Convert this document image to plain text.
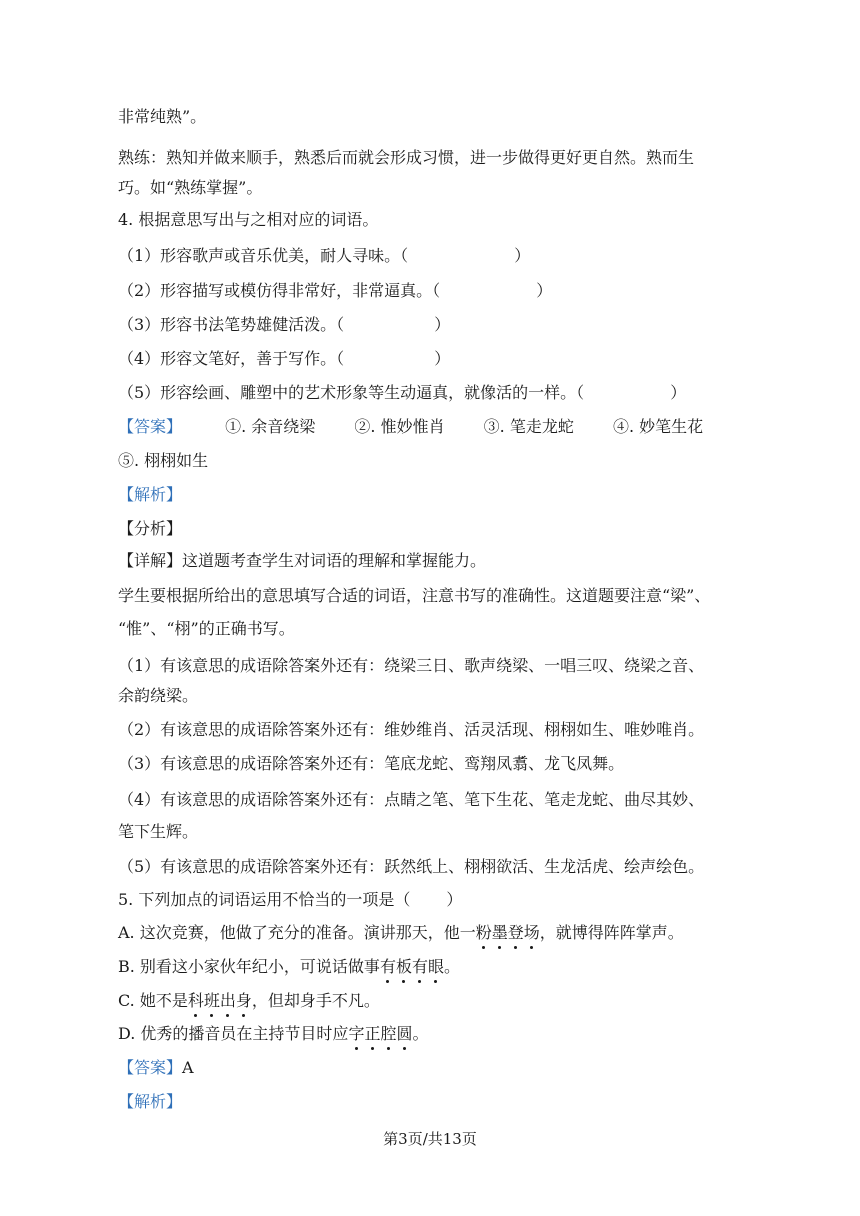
非常纯熟”。
熟练：熟知并做来顺手，熟悉后而就会形成习惯，进一步做得更好更自然。熟而生
巧。如“熟练掌握”。
4. 根据意思写出与之相对应的词语。
（1）形容歌声或音乐优美，耐人寻味。（	）
（2）形容描写或模仿得非常好，非常逼真。（	）
（3）形容书法笔势雄健活泼。（	）
（4）形容文笔好，善于写作。（	）
（5）形容绘画、雕塑中的艺术形象等生动逼真，就像活的一样。（	）
【答案】	①. 余音绕梁 ②. 惟妙惟肖 ③. 笔走龙蛇 ④. 妙笔生花
⑤. 栩栩如生
【解析】
【分析】
【详解】这道题考查学生对词语的理解和掌握能力。
学生要根据所给出的意思填写合适的词语，注意书写的准确性。这道题要注意“梁”、
“惟”、“栩”的正确书写。
（1）有该意思的成语除答案外还有：绕梁三日、歌声绕梁、一唱三叹、绕梁之音、
余韵绕梁。
（2）有该意思的成语除答案外还有：维妙维肖、活灵活现、栩栩如生、唯妙唯肖。
（3）有该意思的成语除答案外还有：笔底龙蛇、鸾翔凤翥、龙飞凤舞。
（4）有该意思的成语除答案外还有：点睛之笔、笔下生花、笔走龙蛇、曲尽其妙、
笔下生辉。
（5）有该意思的成语除答案外还有：跃然纸上、栩栩欲活、生龙活虎、绘声绘色。
5. 下列加点的词语运用不恰当的一项是（ ）
A. 这次竞赛，他做了充分的准备。演讲那天，他一粉墨登场，就博得阵阵掌声。
B. 别看这小家伙年纪小，可说话做事有板有眼。
C. 她不是科班出身，但却身手不凡。
D. 优秀的播音员在主持节目时应字正腔圆。
【答案】A
【解析】
第3页/共13页
